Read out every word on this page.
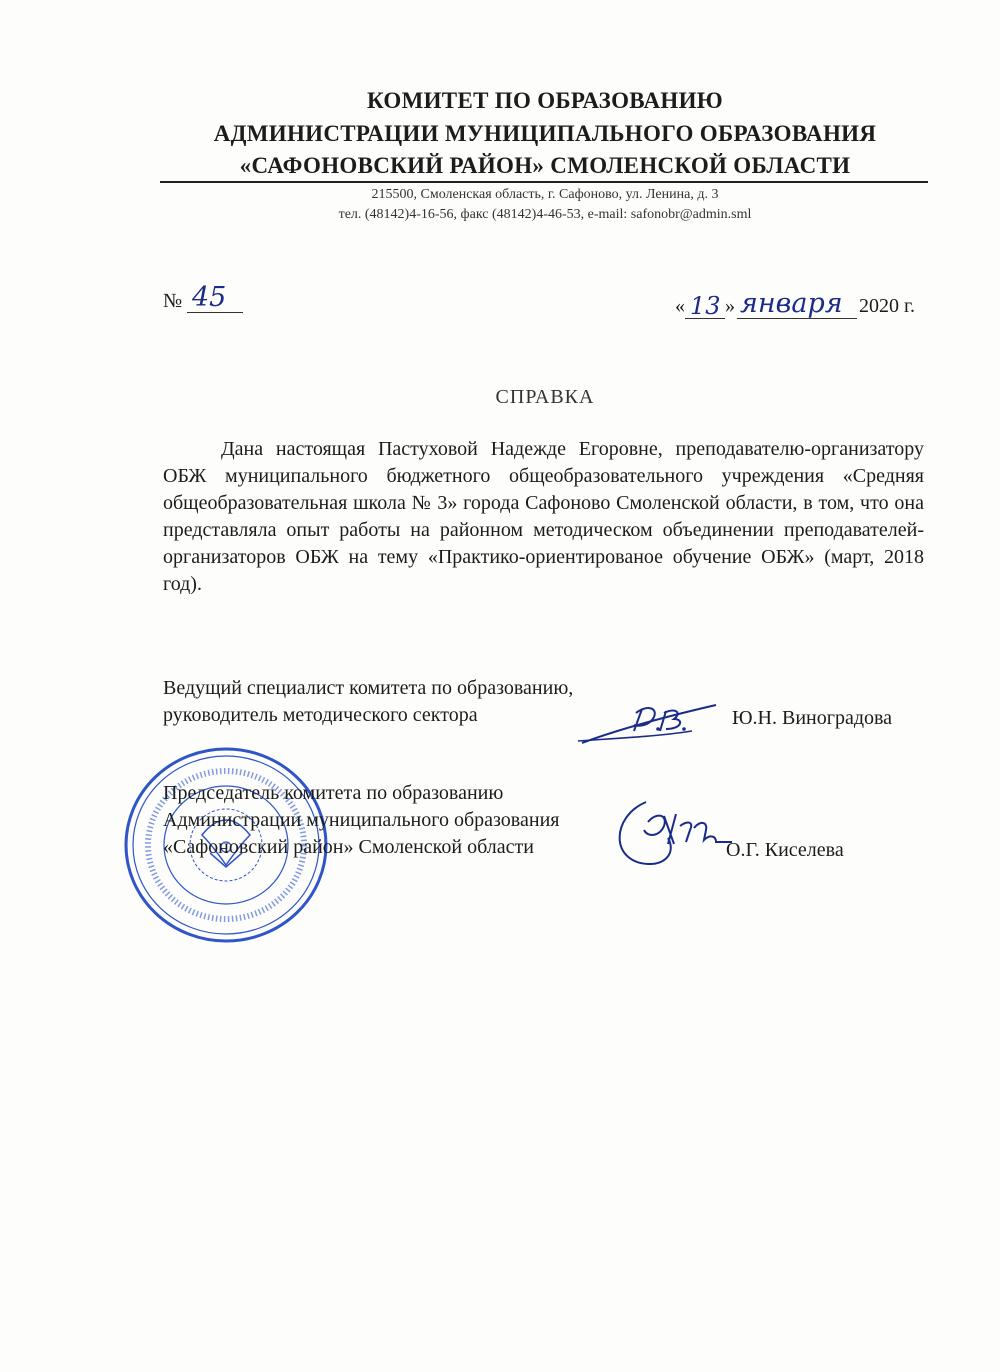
КОМИТЕТ ПО ОБРАЗОВАНИЮ
АДМИНИСТРАЦИИ МУНИЦИПАЛЬНОГО ОБРАЗОВАНИЯ
«САФОНОВСКИЙ РАЙОН» СМОЛЕНСКОЙ ОБЛАСТИ
215500, Смоленская область, г. Сафоново, ул. Ленина, д. 3
тел. (48142)4-16-56, факс (48142)4-46-53, e-mail: safonobr@admin.sml
№ 45	« 13 » января 2020 г.
СПРАВКА
Дана настоящая Пастуховой Надежде Егоровне, преподавателю-организатору ОБЖ муниципального бюджетного общеобразовательного учреждения «Средняя общеобразовательная школа № 3» города Сафоново Смоленской области, в том, что она представляла опыт работы на районном методическом объединении преподавателей-организаторов ОБЖ на тему «Практико-ориентированое обучение ОБЖ» (март, 2018 год).
Ведущий специалист комитета по образованию,
руководитель методического сектора	Ю.Н. Виноградова
Председатель комитета по образованию
Администрации муниципального образования
«Сафоновский район» Смоленской области	О.Г. Киселева
